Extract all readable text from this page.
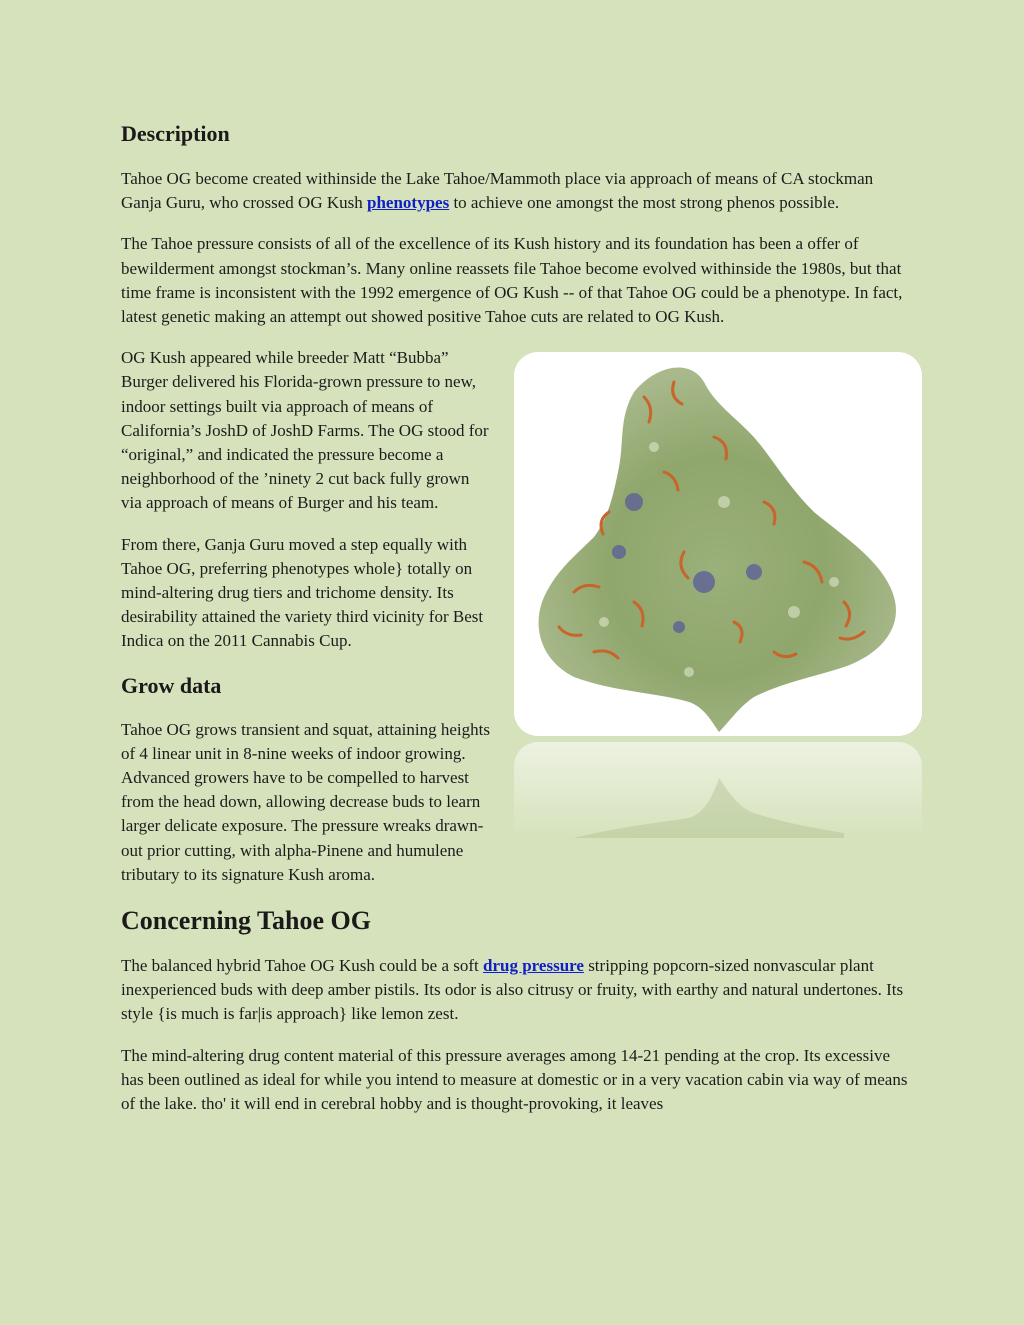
Description

Tahoe OG become created withinside the Lake Tahoe/Mammoth place via approach of means of CA stockman Ganja Guru, who crossed OG Kush phenotypes to achieve one amongst the most strong phenos possible.

The Tahoe pressure consists of all of the excellence of its Kush history and its foundation has been a offer of bewilderment amongst stockman’s. Many online reassets file Tahoe become evolved withinside the 1980s, but that time frame is inconsistent with the 1992 emergence of OG Kush -- of that Tahoe OG could be a phenotype. In fact, latest genetic making an attempt out showed positive Tahoe cuts are related to OG Kush.

OG Kush appeared while breeder Matt “Bubba” Burger delivered his Florida-grown pressure to new, indoor settings built via approach of means of California’s JoshD of JoshD Farms. The OG stood for “original,” and indicated the pressure become a neighborhood of the ’ninety 2 cut back fully grown via approach of means of Burger and his team.

From there, Ganja Guru moved a step equally with Tahoe OG, preferring phenotypes whole} totally on mind-altering drug tiers and trichome density. Its desirability attained the variety third vicinity for Best Indica on the 2011 Cannabis Cup.

Grow data

Tahoe OG grows transient and squat, attaining heights of 4 linear unit in 8-nine weeks of indoor growing. Advanced growers have to be compelled to harvest from the head down, allowing decrease buds to learn larger delicate exposure. The pressure wreaks drawn-out prior cutting, with alpha-Pinene and humulene tributary to its signature Kush aroma.

Concerning Tahoe OG

The balanced hybrid Tahoe OG Kush could be a soft drug pressure stripping popcorn-sized nonvascular plant inexperienced buds with deep amber pistils. Its odor is also citrusy or fruity, with earthy and natural undertones. Its style {is much is far|is approach} like lemon zest.

The mind-altering drug content material of this pressure averages among 14-21 pending at the crop. Its excessive has been outlined as ideal for while you intend to measure at domestic or in a very vacation cabin via way of means of the lake. tho' it will end in cerebral hobby and is thought-provoking, it leaves
